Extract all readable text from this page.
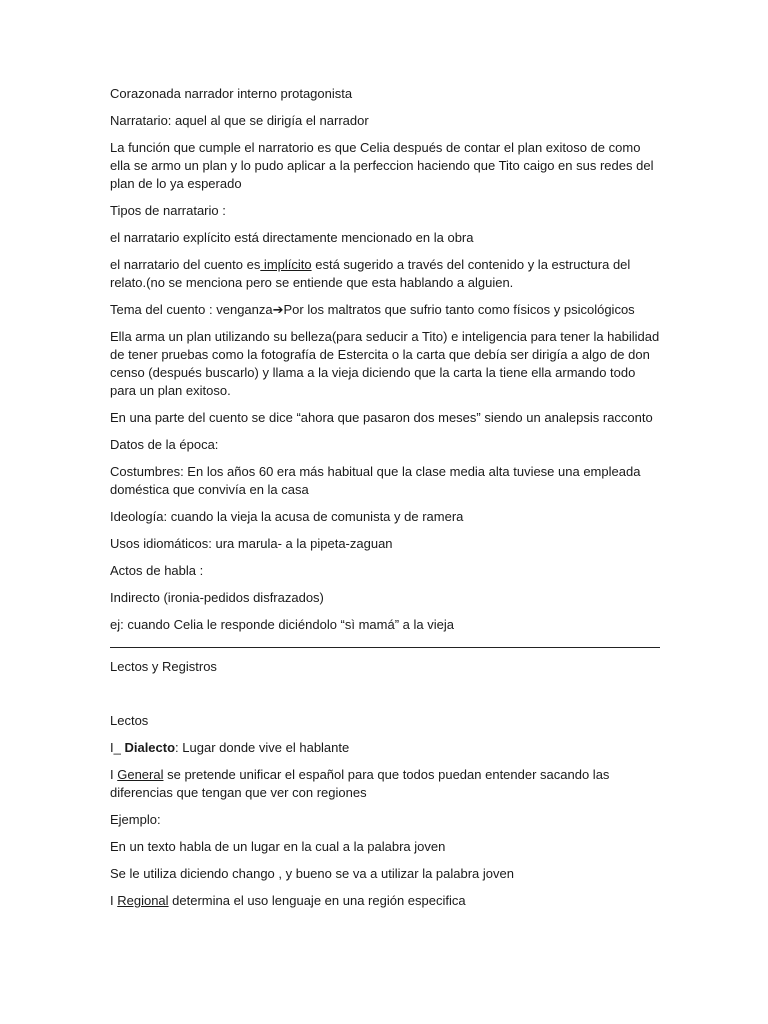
Corazonada narrador interno protagonista

Narratario: aquel al que se dirigía el narrador

La función que cumple el narratorio es que Celia después de contar el plan exitoso de como ella se armo un plan y lo pudo aplicar a la perfeccion haciendo que Tito caigo en sus redes del plan de lo ya esperado

Tipos de narratario :

el narratario explícito está directamente mencionado en la obra

el narratario del cuento es implícito está sugerido a través del contenido y la estructura del relato.(no se menciona pero se entiende que esta hablando a alguien.

Tema del cuento : venganza➔Por los maltratos que sufrio tanto como físicos y psicológicos

Ella arma un plan utilizando su belleza(para seducir a Tito) e inteligencia para tener la habilidad de tener pruebas como la fotografía de Estercita o la carta que debía ser dirigía a algo de don censo (después buscarlo) y llama a la vieja diciendo que la carta la tiene ella armando todo para un plan exitoso.

En una parte del cuento se dice “ahora que pasaron dos meses” siendo un analepsis racconto

Datos de la época:

Costumbres: En los años 60 era más habitual que la clase media alta tuviese una empleada doméstica que convivía en la casa

Ideología: cuando la vieja la acusa de comunista y de ramera

Usos idiomáticos: ura marula- a la pipeta-zaguan

Actos de habla :

Indirecto (ironia-pedidos disfrazados)

ej: cuando Celia le responde diciéndolo “sì mamá” a la vieja

Lectos y Registros

Lectos

I_ Dialecto: Lugar donde vive el hablante

I General se pretende unificar el español para que todos puedan entender sacando las diferencias que tengan que ver con regiones

Ejemplo:

En un texto habla de un lugar en la cual a la palabra joven

Se le utiliza diciendo chango , y bueno se va a utilizar la palabra joven

I Regional determina el uso lenguaje en una región especifica
